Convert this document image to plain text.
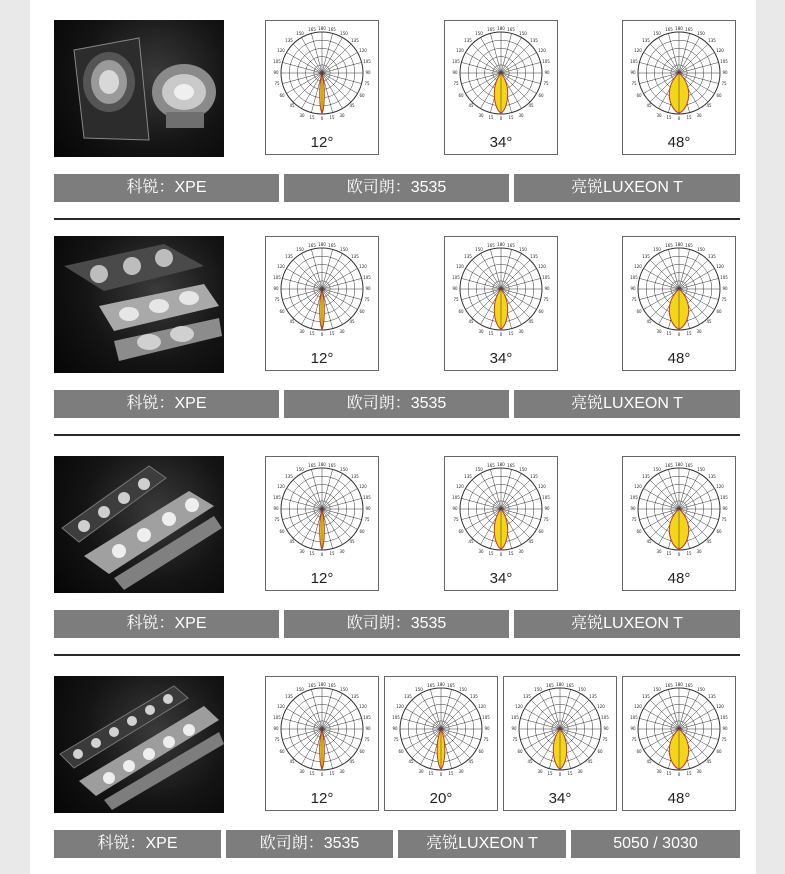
180
165	165
150	150
135	135
120	120
105	105
90	90
75	75
60	60
45	45
30 15 0 15 30
12°
180
165	165
150	150
135	135
120	120
105	105
90	90
75	75
60	60
45	45
30 15 0 15 30
34°
180
165	165
150	150
135	135
120	120
105	105
90	90
75	75
60	60
45	45
30 15 0 15 30
48°
科锐：XPE	欧司朗：3535	亮锐LUXEON T
180
165	165
150	150
135	135
120	120
105	105
90	90
75	75
60	60
45	45
30 15 0 15 30
12°
180
165	165
150	150
135	135
120	120
105	105
90	90
75	75
60	60
45	45
30 15 0 15 30
34°
180
165	165
150	150
135	135
120	120
105	105
90	90
75	75
60	60
45	45
30 15 0 15 30
48°
科锐：XPE	欧司朗：3535	亮锐LUXEON T
180
165	165
150	150
135	135
120	120
105	105
90	90
75	75
60	60
45	45
30 15 0 15 30
12°
180
165	165
150	150
135	135
120	120
105	105
90	90
75	75
60	60
45	45
30 15 0 15 30
34°
180
165	165
150	150
135	135
120	120
105	105
90	90
75	75
60	60
45	45
30 15 0 15 30
48°
科锐：XPE	欧司朗：3535	亮锐LUXEON T
180
165	165
150	150
135	135
120	120
105	105
90	90
75	75
60	60
45	45
30 15 0 15 30
12°
180
165	165
150	150
135	135
120	120
105	105
90	90
75	75
60	60
45	45
30 15 0 15 30
20°
180
165	165
150	150
135	135
120	120
105	105
90	90
75	75
60	60
45	45
30 15 0 15 30
34°
180
165	165
150	150
135	135
120	120
105	105
90	90
75	75
60	60
45	45
30 15 0 15 30
48°
科锐：XPE	欧司朗：3535	亮锐LUXEON T	5050 / 3030
